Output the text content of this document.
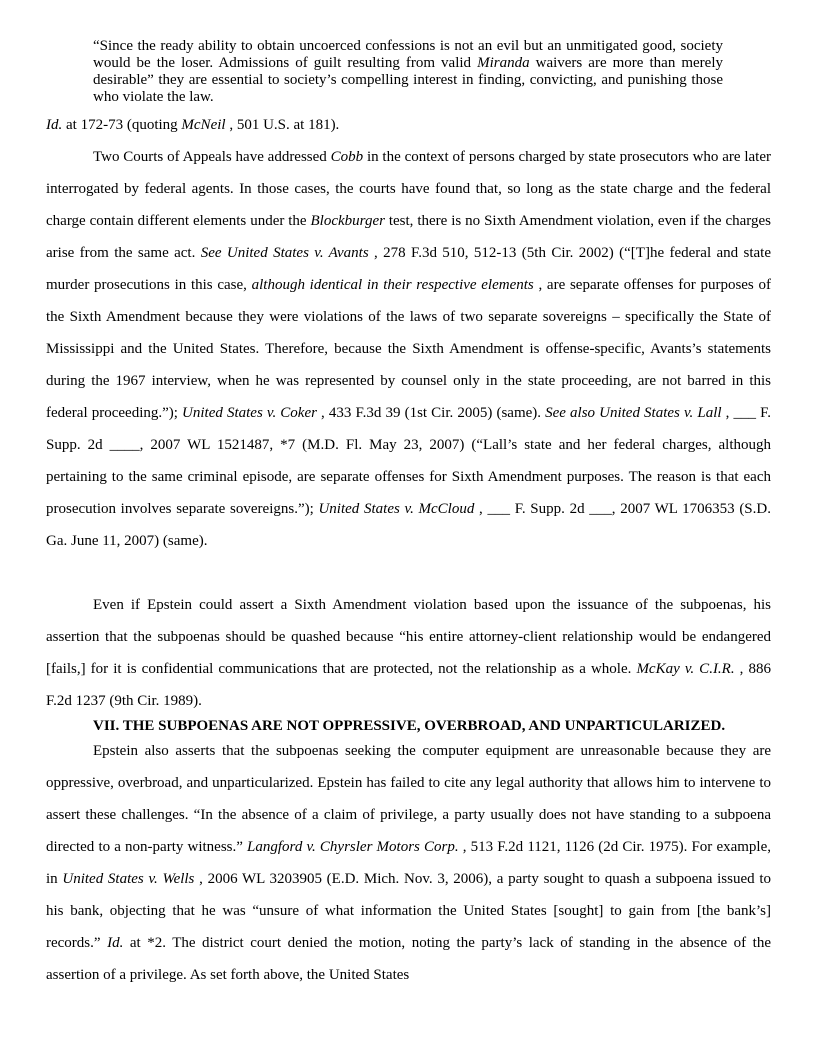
“Since the ready ability to obtain uncoerced confessions is not an evil but an unmitigated good, society would be the loser. Admissions of guilt resulting from valid Miranda waivers are more than merely desirable” they are essential to society’s compelling interest in finding, convicting, and punishing those who violate the law.

Id. at 172-73 (quoting McNeil , 501 U.S. at 181).

Two Courts of Appeals have addressed Cobb in the context of persons charged by state prosecutors who are later interrogated by federal agents. In those cases, the courts have found that, so long as the state charge and the federal charge contain different elements under the Blockburger test, there is no Sixth Amendment violation, even if the charges arise from the same act. See United States v. Avants , 278 F.3d 510, 512-13 (5th Cir. 2002) (“[T]he federal and state murder prosecutions in this case, although identical in their respective elements , are separate offenses for purposes of the Sixth Amendment because they were violations of the laws of two separate sovereigns – specifically the State of Mississippi and the United States. Therefore, because the Sixth Amendment is offense-specific, Avants’s statements during the 1967 interview, when he was represented by counsel only in the state proceeding, are not barred in this federal proceeding.”); United States v. Coker , 433 F.3d 39 (1st Cir. 2005) (same). See also United States v. Lall , ___ F. Supp. 2d ____, 2007 WL 1521487, *7 (M.D. Fl. May 23, 2007) (“Lall’s state and her federal charges, although pertaining to the same criminal episode, are separate offenses for Sixth Amendment purposes. The reason is that each prosecution involves separate sovereigns.”); United States v. McCloud , ___ F. Supp. 2d ___, 2007 WL 1706353 (S.D. Ga. June 11, 2007) (same).

Even if Epstein could assert a Sixth Amendment violation based upon the issuance of the subpoenas, his assertion that the subpoenas should be quashed because “his entire attorney-client relationship would be endangered [fails,] for it is confidential communications that are protected, not the relationship as a whole. McKay v. C.I.R. , 886 F.2d 1237 (9th Cir. 1989).

VII. THE SUBPOENAS ARE NOT OPPRESSIVE, OVERBROAD, AND UNPARTICULARIZED.

Epstein also asserts that the subpoenas seeking the computer equipment are unreasonable because they are oppressive, overbroad, and unparticularized. Epstein has failed to cite any legal authority that allows him to intervene to assert these challenges. “In the absence of a claim of privilege, a party usually does not have standing to a subpoena directed to a non-party witness.” Langford v. Chyrsler Motors Corp. , 513 F.2d 1121, 1126 (2d Cir. 1975). For example, in United States v. Wells , 2006 WL 3203905 (E.D. Mich. Nov. 3, 2006), a party sought to quash a subpoena issued to his bank, objecting that he was “unsure of what information the United States [sought] to gain from [the bank’s] records.” Id. at *2. The district court denied the motion, noting the party’s lack of standing in the absence of the assertion of a privilege. As set forth above, the United States
